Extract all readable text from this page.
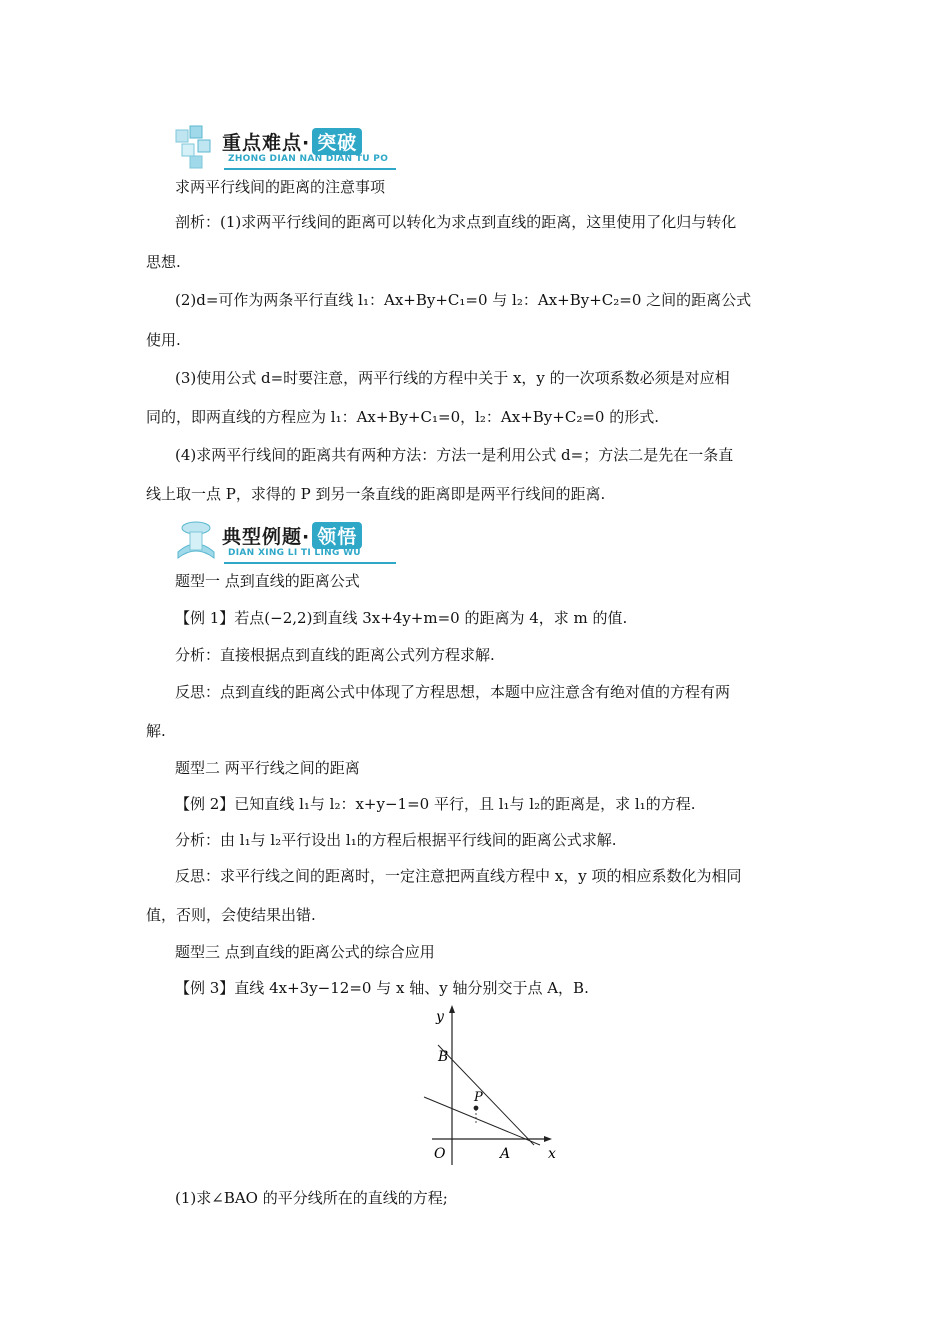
重点难点· 突破
ZHONG DIAN NAN DIAN TU PO
求两平行线间的距离的注意事项
剖析：(1)求两平行线间的距离可以转化为求点到直线的距离，这里使用了化归与转化
思想.
(2)d=可作为两条平行直线 l₁：Ax+By+C₁=0 与 l₂：Ax+By+C₂=0 之间的距离公式
使用.
(3)使用公式 d=时要注意，两平行线的方程中关于 x，y 的一次项系数必须是对应相
同的，即两直线的方程应为 l₁：Ax+By+C₁=0，l₂：Ax+By+C₂=0 的形式.
(4)求两平行线间的距离共有两种方法：方法一是利用公式 d=；方法二是先在一条直
线上取一点 P，求得的 P 到另一条直线的距离即是两平行线间的距离.
典型例题· 领悟
DIAN XING LI TI LING WU
题型一 点到直线的距离公式
【例 1】若点(−2,2)到直线 3x+4y+m=0 的距离为 4，求 m 的值.
分析：直接根据点到直线的距离公式列方程求解.
反思：点到直线的距离公式中体现了方程思想，本题中应注意含有绝对值的方程有两
解.
题型二 两平行线之间的距离
【例 2】已知直线 l₁与 l₂：x+y−1=0 平行，且 l₁与 l₂的距离是，求 l₁的方程.
分析：由 l₁与 l₂平行设出 l₁的方程后根据平行线间的距离公式求解.
反思：求平行线之间的距离时，一定注意把两直线方程中 x，y 项的相应系数化为相同
值，否则，会使结果出错.
题型三 点到直线的距离公式的综合应用
【例 3】直线 4x+3y−12=0 与 x 轴、y 轴分别交于点 A，B.
y
x
O	A
B
P
(1)求∠BAO 的平分线所在的直线的方程;
